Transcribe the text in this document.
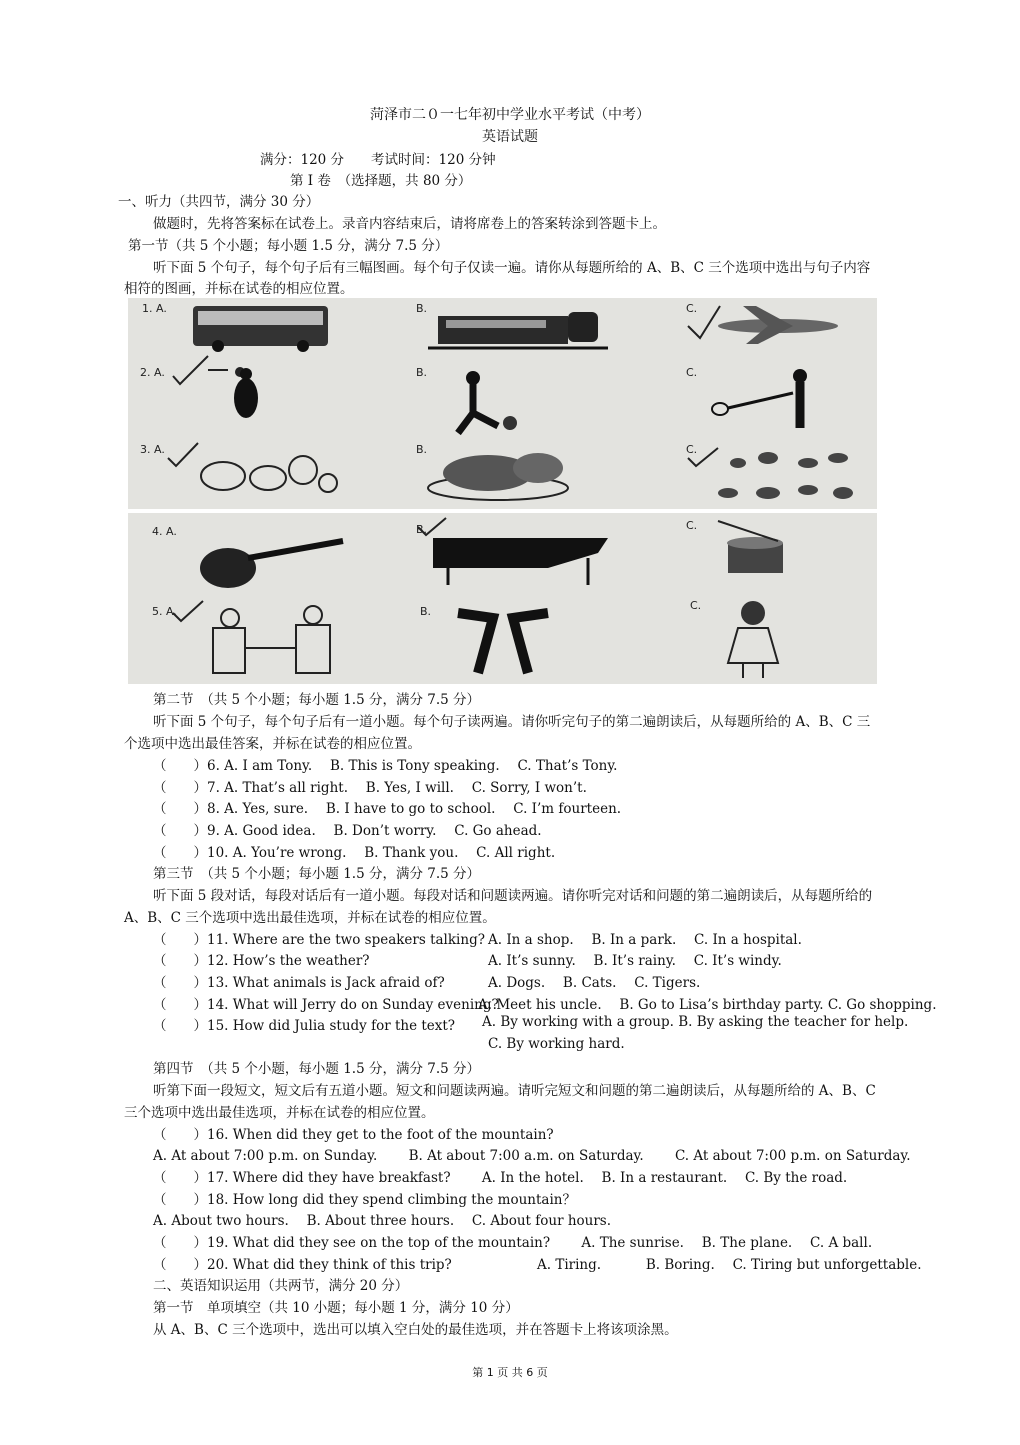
菏泽市二０一七年初中学业水平考试（中考）
英语试题
满分：120 分　　考试时间：120 分钟
第 I 卷　（选择题，共 80 分）
一、听力（共四节，满分 30 分）
做题时，先将答案标在试卷上。录音内容结束后，请将席卷上的答案转涂到答题卡上。
第一节（共 5 个小题；每小题 1.5 分，满分 7.5 分）
听下面 5 个句子，每个句子后有三幅图画。每个句子仅读一遍。请你从每题所给的 A、B、C 三个选项中选出与句子内容
相符的图画，并标在试卷的相应位置。
1. A.	B.	C.
2. A.	B.	C.
3. A.	B.	C.
4. A.	B.	C.
5. A.	B.	C.
第二节　（共 5 个小题；每小题 1.5 分，满分 7.5 分）
听下面 5 个句子，每个句子后有一道小题。每个句子读两遍。请你听完句子的第二遍朗读后，从每题所给的 A、B、C 三
个选项中选出最佳答案，并标在试卷的相应位置。
（　　）6. A. I am Tony.　 B. This is Tony speaking.　 C. That’s Tony.
（　　）7. A. That’s all right.　 B. Yes, I will.　 C. Sorry, I won’t.
（　　）8. A. Yes, sure.　 B. I have to go to school.　 C. I’m fourteen.
（　　）9. A. Good idea.　 B. Don’t worry.　 C. Go ahead.
（　　）10. A. You’re wrong.　 B. Thank you.　 C. All right.
第三节　（共 5 个小题；每小题 1.5 分，满分 7.5 分）
听下面 5 段对话，每段对话后有一道小题。每段对话和问题读两遍。请你听完对话和问题的第二遍朗读后，从每题所给的
A、B、C 三个选项中选出最佳选项，并标在试卷的相应位置。
（　　）11. Where are the two speakers talking? A. In a shop.　 B. In a park.　 C. In a hospital.
（　　）12. How’s the weather?	A. It’s sunny.　 B. It’s rainy.　 C. It’s windy.
（　　）13. What animals is Jack afraid of?	A. Dogs.　 B. Cats.　 C. Tigers.
（　　）14. What will Jerry do on Sunday evening?
A. Meet his uncle.　 B. Go to Lisa’s birthday party. C. Go shopping.
（　　）15. How did Julia study for the text? A. By working with a group. B. By asking the teacher for help.
C. By working hard.
第四节　（共 5 个小题，每小题 1.5 分，满分 7.5 分）
听第下面一段短文，短文后有五道小题。短文和问题读两遍。请听完短文和问题的第二遍朗读后，从每题所给的 A、B、C
三个选项中选出最佳选项，并标在试卷的相应位置。
（　　）16. When did they get to the foot of the mountain?
A. At about 7:00 p.m. on Sunday.　　 B. At about 7:00 a.m. on Saturday.　　 C. At about 7:00 p.m. on Saturday.
（　　）17. Where did they have breakfast?　　 A. In the hotel.　 B. In a restaurant.　 C. By the road.
（　　）18. How long did they spend climbing the mountain？
A. About two hours.　 B. About three hours.　 C. About four hours.
（　　）19. What did they see on the top of the mountain?　　 A. The sunrise.　 B. The plane.　 C. A ball.
（　　）20. What did they think of this trip?	A. Tiring.　　　 B. Boring.　 C. Tiring but unforgettable.
二、英语知识运用（共两节，满分 20 分）
第一节　单项填空（共 10 小题；每小题 1 分，满分 10 分）
从 A、B、C 三个选项中，选出可以填入空白处的最佳选项，并在答题卡上将该项涂黑。
第 1 页 共 6 页
